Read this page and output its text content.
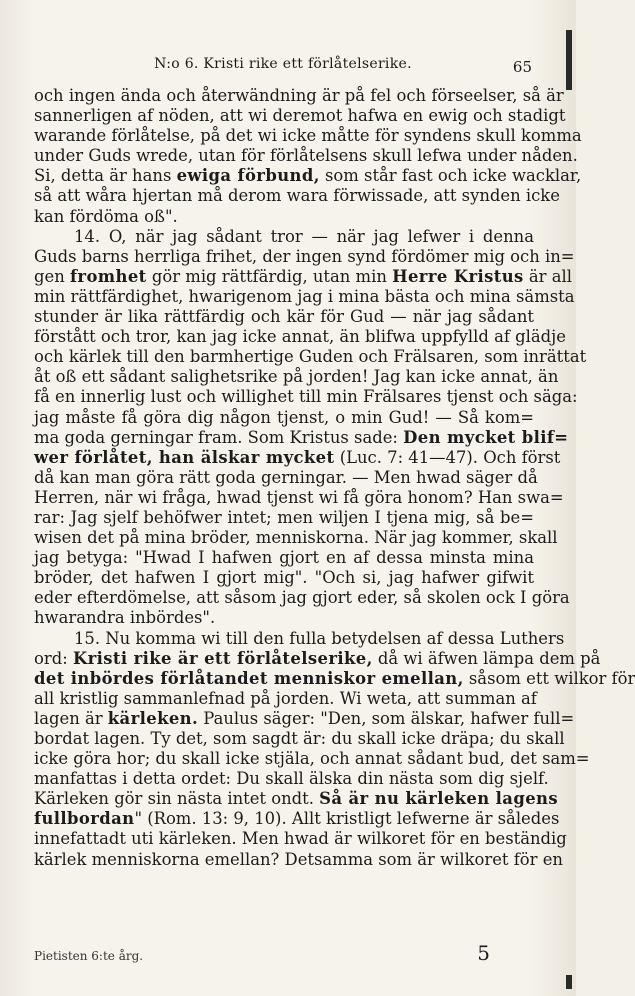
N:o 6. Kristi rike ett förlåtelserike.	65
och ingen ända och återwändning är på fel och förseelser, så är
sannerligen af nöden, att wi deremot hafwa en ewig och stadigt
warande förlåtelse, på det wi icke måtte för syndens skull komma
under Guds wrede, utan för förlåtelsens skull lefwa under nåden.
Si, detta är hans ewiga förbund, som står fast och icke wacklar,
så att wåra hjertan må derom wara förwissade, att synden icke
kan fördöma oß".
14. O, när jag sådant tror — när jag lefwer i denna
Guds barns herrliga frihet, der ingen synd fördömer mig och in=
gen fromhet gör mig rättfärdig, utan min Herre Kristus är all
min rättfärdighet, hwarigenom jag i mina bästa och mina sämsta
stunder är lika rättfärdig och kär för Gud — när jag sådant
förstått och tror, kan jag icke annat, än blifwa uppfylld af glädje
och kärlek till den barmhertige Guden och Frälsaren, som inrättat
åt oß ett sådant salighetsrike på jorden! Jag kan icke annat, än
få en innerlig lust och willighet till min Frälsares tjenst och säga:
jag måste få göra dig någon tjenst, o min Gud! — Så kom=
ma goda gerningar fram. Som Kristus sade: Den mycket blif=
wer förlåtet, han älskar mycket (Luc. 7: 41—47). Och först
då kan man göra rätt goda gerningar. — Men hwad säger då
Herren, när wi fråga, hwad tjenst wi få göra honom? Han swa=
rar: Jag sjelf behöfwer intet; men wiljen I tjena mig, så be=
wisen det på mina bröder, menniskorna. När jag kommer, skall
jag betyga: "Hwad I hafwen gjort en af dessa minsta mina
bröder, det hafwen I gjort mig". "Och si, jag hafwer gifwit
eder efterdömelse, att såsom jag gjort eder, så skolen ock I göra
hwarandra inbördes".
15. Nu komma wi till den fulla betydelsen af dessa Luthers
ord: Kristi rike är ett förlåtelserike, då wi äfwen lämpa dem på
det inbördes förlåtandet menniskor emellan, såsom ett wilkor för
all kristlig sammanlefnad på jorden. Wi weta, att summan af
lagen är kärleken. Paulus säger: "Den, som älskar, hafwer full=
bordat lagen. Ty det, som sagdt är: du skall icke dräpa; du skall
icke göra hor; du skall icke stjäla, och annat sådant bud, det sam=
manfattas i detta ordet: Du skall älska din nästa som dig sjelf.
Kärleken gör sin nästa intet ondt. Så är nu kärleken lagens
fullbordan" (Rom. 13: 9, 10). Allt kristligt lefwerne är således
innefattadt uti kärleken. Men hwad är wilkoret för en beständig
kärlek menniskorna emellan? Detsamma som är wilkoret för en
Pietisten 6:te årg.	5
